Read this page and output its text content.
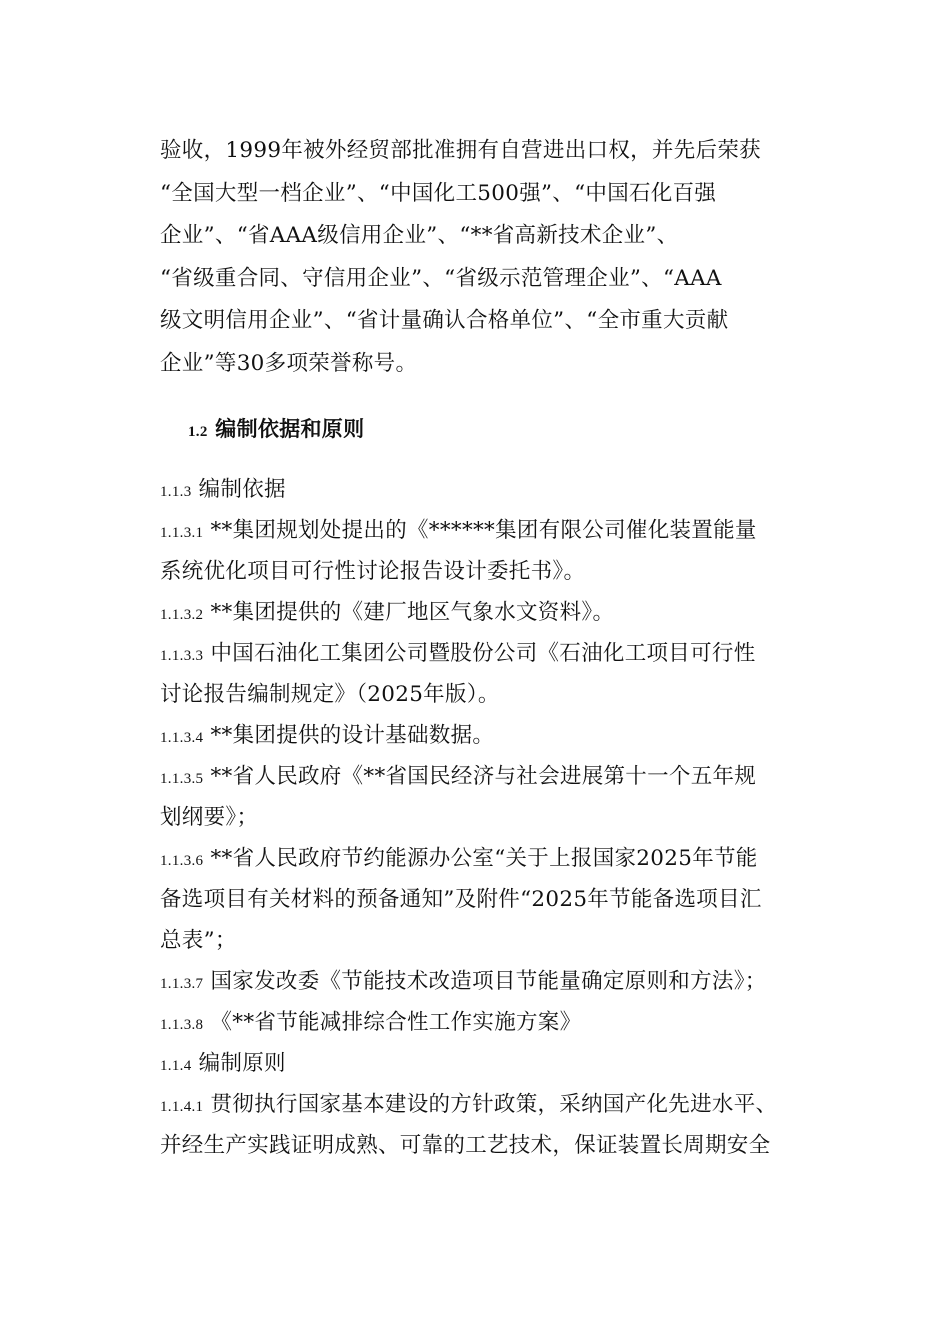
验收，1999年被外经贸部批准拥有自营进出口权，并先后荣获
“全国大型一档企业”、“中国化工500强”、“中国石化百强
企业”、“省AAA级信用企业”、“**省高新技术企业”、
“省级重合同、守信用企业”、“省级示范管理企业”、“AAA
级文明信用企业”、“省计量确认合格单位”、“全市重大贡献
企业”等30多项荣誉称号。
1.2 编制依据和原则
1.1.3 编制依据
1.1.3.1 **集团规划处提出的《******集团有限公司催化装置能量
系统优化项目可行性讨论报告设计委托书》。
1.1.3.2 **集团提供的《建厂地区气象水文资料》。
1.1.3.3 中国石油化工集团公司暨股份公司《石油化工项目可行性
讨论报告编制规定》（2025年版）。
1.1.3.4 **集团提供的设计基础数据。
1.1.3.5 **省人民政府《**省国民经济与社会进展第十一个五年规
划纲要》；
1.1.3.6 **省人民政府节约能源办公室“关于上报国家2025年节能
备选项目有关材料的预备通知”及附件“2025年节能备选项目汇
总表”；
1.1.3.7 国家发改委《节能技术改造项目节能量确定原则和方法》；
1.1.3.8 《**省节能减排综合性工作实施方案》
1.1.4 编制原则
1.1.4.1 贯彻执行国家基本建设的方针政策，采纳国产化先进水平、
并经生产实践证明成熟、可靠的工艺技术，保证装置长周期安全
